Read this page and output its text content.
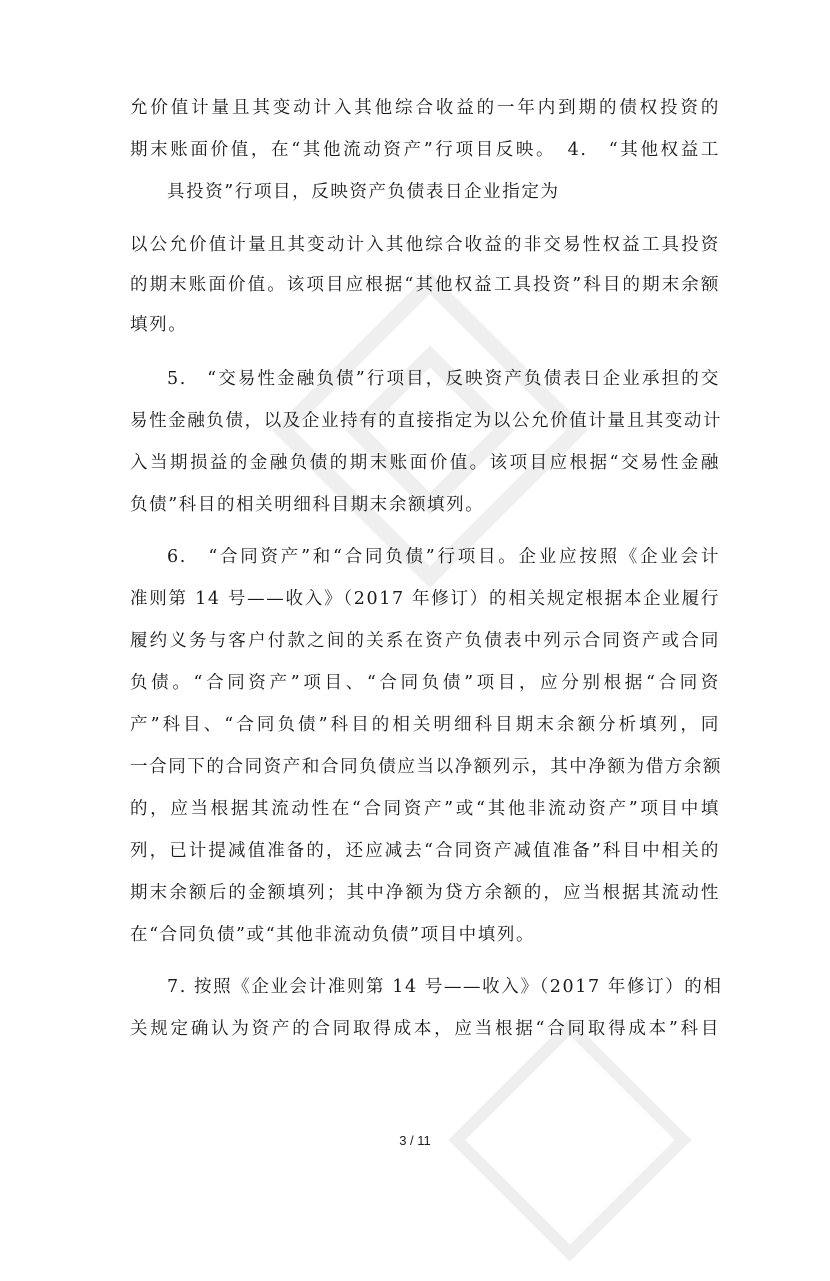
允价值计量且其变动计入其他综合收益的一年内到期的债权投资的
期末账面价值，在“其他流动资产”行项目反映。　4.　“其他权益工
具投资”行项目，反映资产负债表日企业指定为
以公允价值计量且其变动计入其他综合收益的非交易性权益工具投资
的期末账面价值。该项目应根据“其他权益工具投资”科目的期末余额
填列。
5.　“交易性金融负债”行项目，反映资产负债表日企业承担的交
易性金融负债，以及企业持有的直接指定为以公允价值计量且其变动计
入当期损益的金融负债的期末账面价值。该项目应根据“交易性金融
负债”科目的相关明细科目期末余额填列。
6.　“合同资产”和“合同负债”行项目。企业应按照《企业会计
准则第 14 号——收入》（2017 年修订）的相关规定根据本企业履行
履约义务与客户付款之间的关系在资产负债表中列示合同资产或合同
负债。“合同资产”项目、“合同负债”项目，应分别根据“合同资
产”科目、“合同负债”科目的相关明细科目期末余额分析填列，同
一合同下的合同资产和合同负债应当以净额列示，其中净额为借方余额
的，应当根据其流动性在“合同资产”或“其他非流动资产”项目中填
列，已计提减值准备的，还应减去“合同资产减值准备”科目中相关的
期末余额后的金额填列；其中净额为贷方余额的，应当根据其流动性
在“合同负债”或“其他非流动负债”项目中填列。
7. 按照《企业会计准则第 14 号——收入》（2017 年修订）的相
关规定确认为资产的合同取得成本，应当根据“合同取得成本”科目
3 / 11
